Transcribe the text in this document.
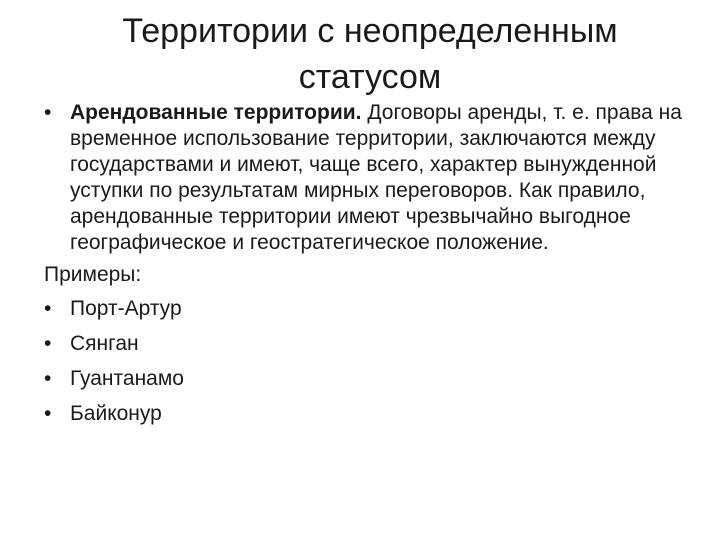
Территории с неопределенным статусом
• Арендованные территории. Договоры аренды, т. е. права на временное использование территории, заключаются между государствами и имеют, чаще всего, характер вынужденной уступки по результатам мирных переговоров. Как правило, арендованные территории имеют чрезвычайно выгодное географическое и геостратегическое положение.
Примеры:
• Порт-Артур
• Сянган
• Гуантанамо
• Байконур
